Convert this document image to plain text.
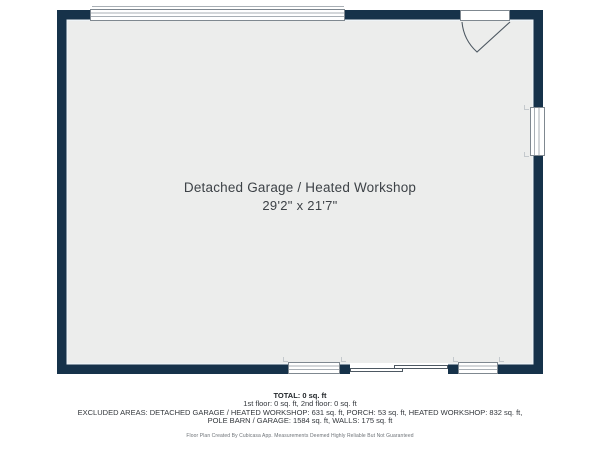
Detached Garage / Heated Workshop
29'2" x 21'7"
TOTAL: 0 sq. ft
1st floor: 0 sq. ft, 2nd floor: 0 sq. ft
EXCLUDED AREAS: DETACHED GARAGE / HEATED WORKSHOP: 631 sq. ft, PORCH: 53 sq. ft, HEATED WORKSHOP: 832 sq. ft,
POLE BARN / GARAGE: 1584 sq. ft, WALLS: 175 sq. ft
Floor Plan Created By Cubicasa App. Measurements Deemed Highly Reliable But Not Guaranteed
